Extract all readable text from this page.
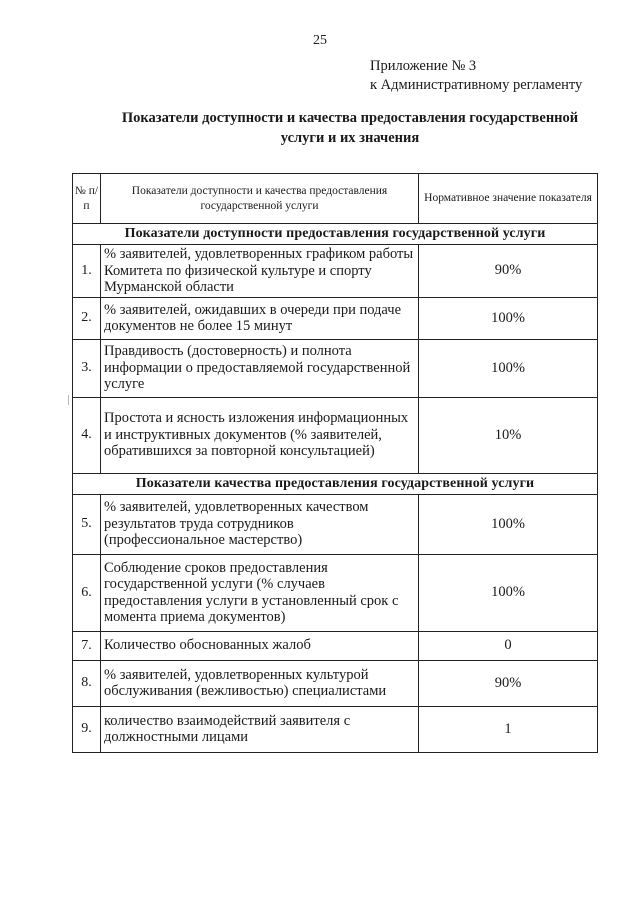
25
Приложение № 3
к Административному регламенту
Показатели доступности и качества предоставления государственной
услуги и их значения
№ п/п	Показатели доступности и качества предоставления государственной услуги	Нормативное значение показателя
Показатели доступности предоставления государственной услуги		
1.	% заявителей, удовлетворенных графиком работы Комитета по физической культуре и спорту Мурманской области	90%
2.	% заявителей, ожидавших в очереди при подаче документов не более 15 минут	100%
3.	Правдивость (достоверность) и полнота информации о предоставляемой государственной услуге	100%
4.	Простота и ясность изложения информационных и инструктивных документов (% заявителей, обратившихся за повторной консультацией)	10%
Показатели качества предоставления государственной услуги		
5.	% заявителей, удовлетворенных качеством результатов труда сотрудников (профессиональное мастерство)	100%
6.	Соблюдение сроков предоставления государственной услуги (% случаев предоставления услуги в установленный срок с момента приема документов)	100%
7.	Количество обоснованных жалоб	0
8.	% заявителей, удовлетворенных культурой обслуживания (вежливостью) специалистами	90%
9.	количество взаимодействий заявителя с должностными лицами	1
